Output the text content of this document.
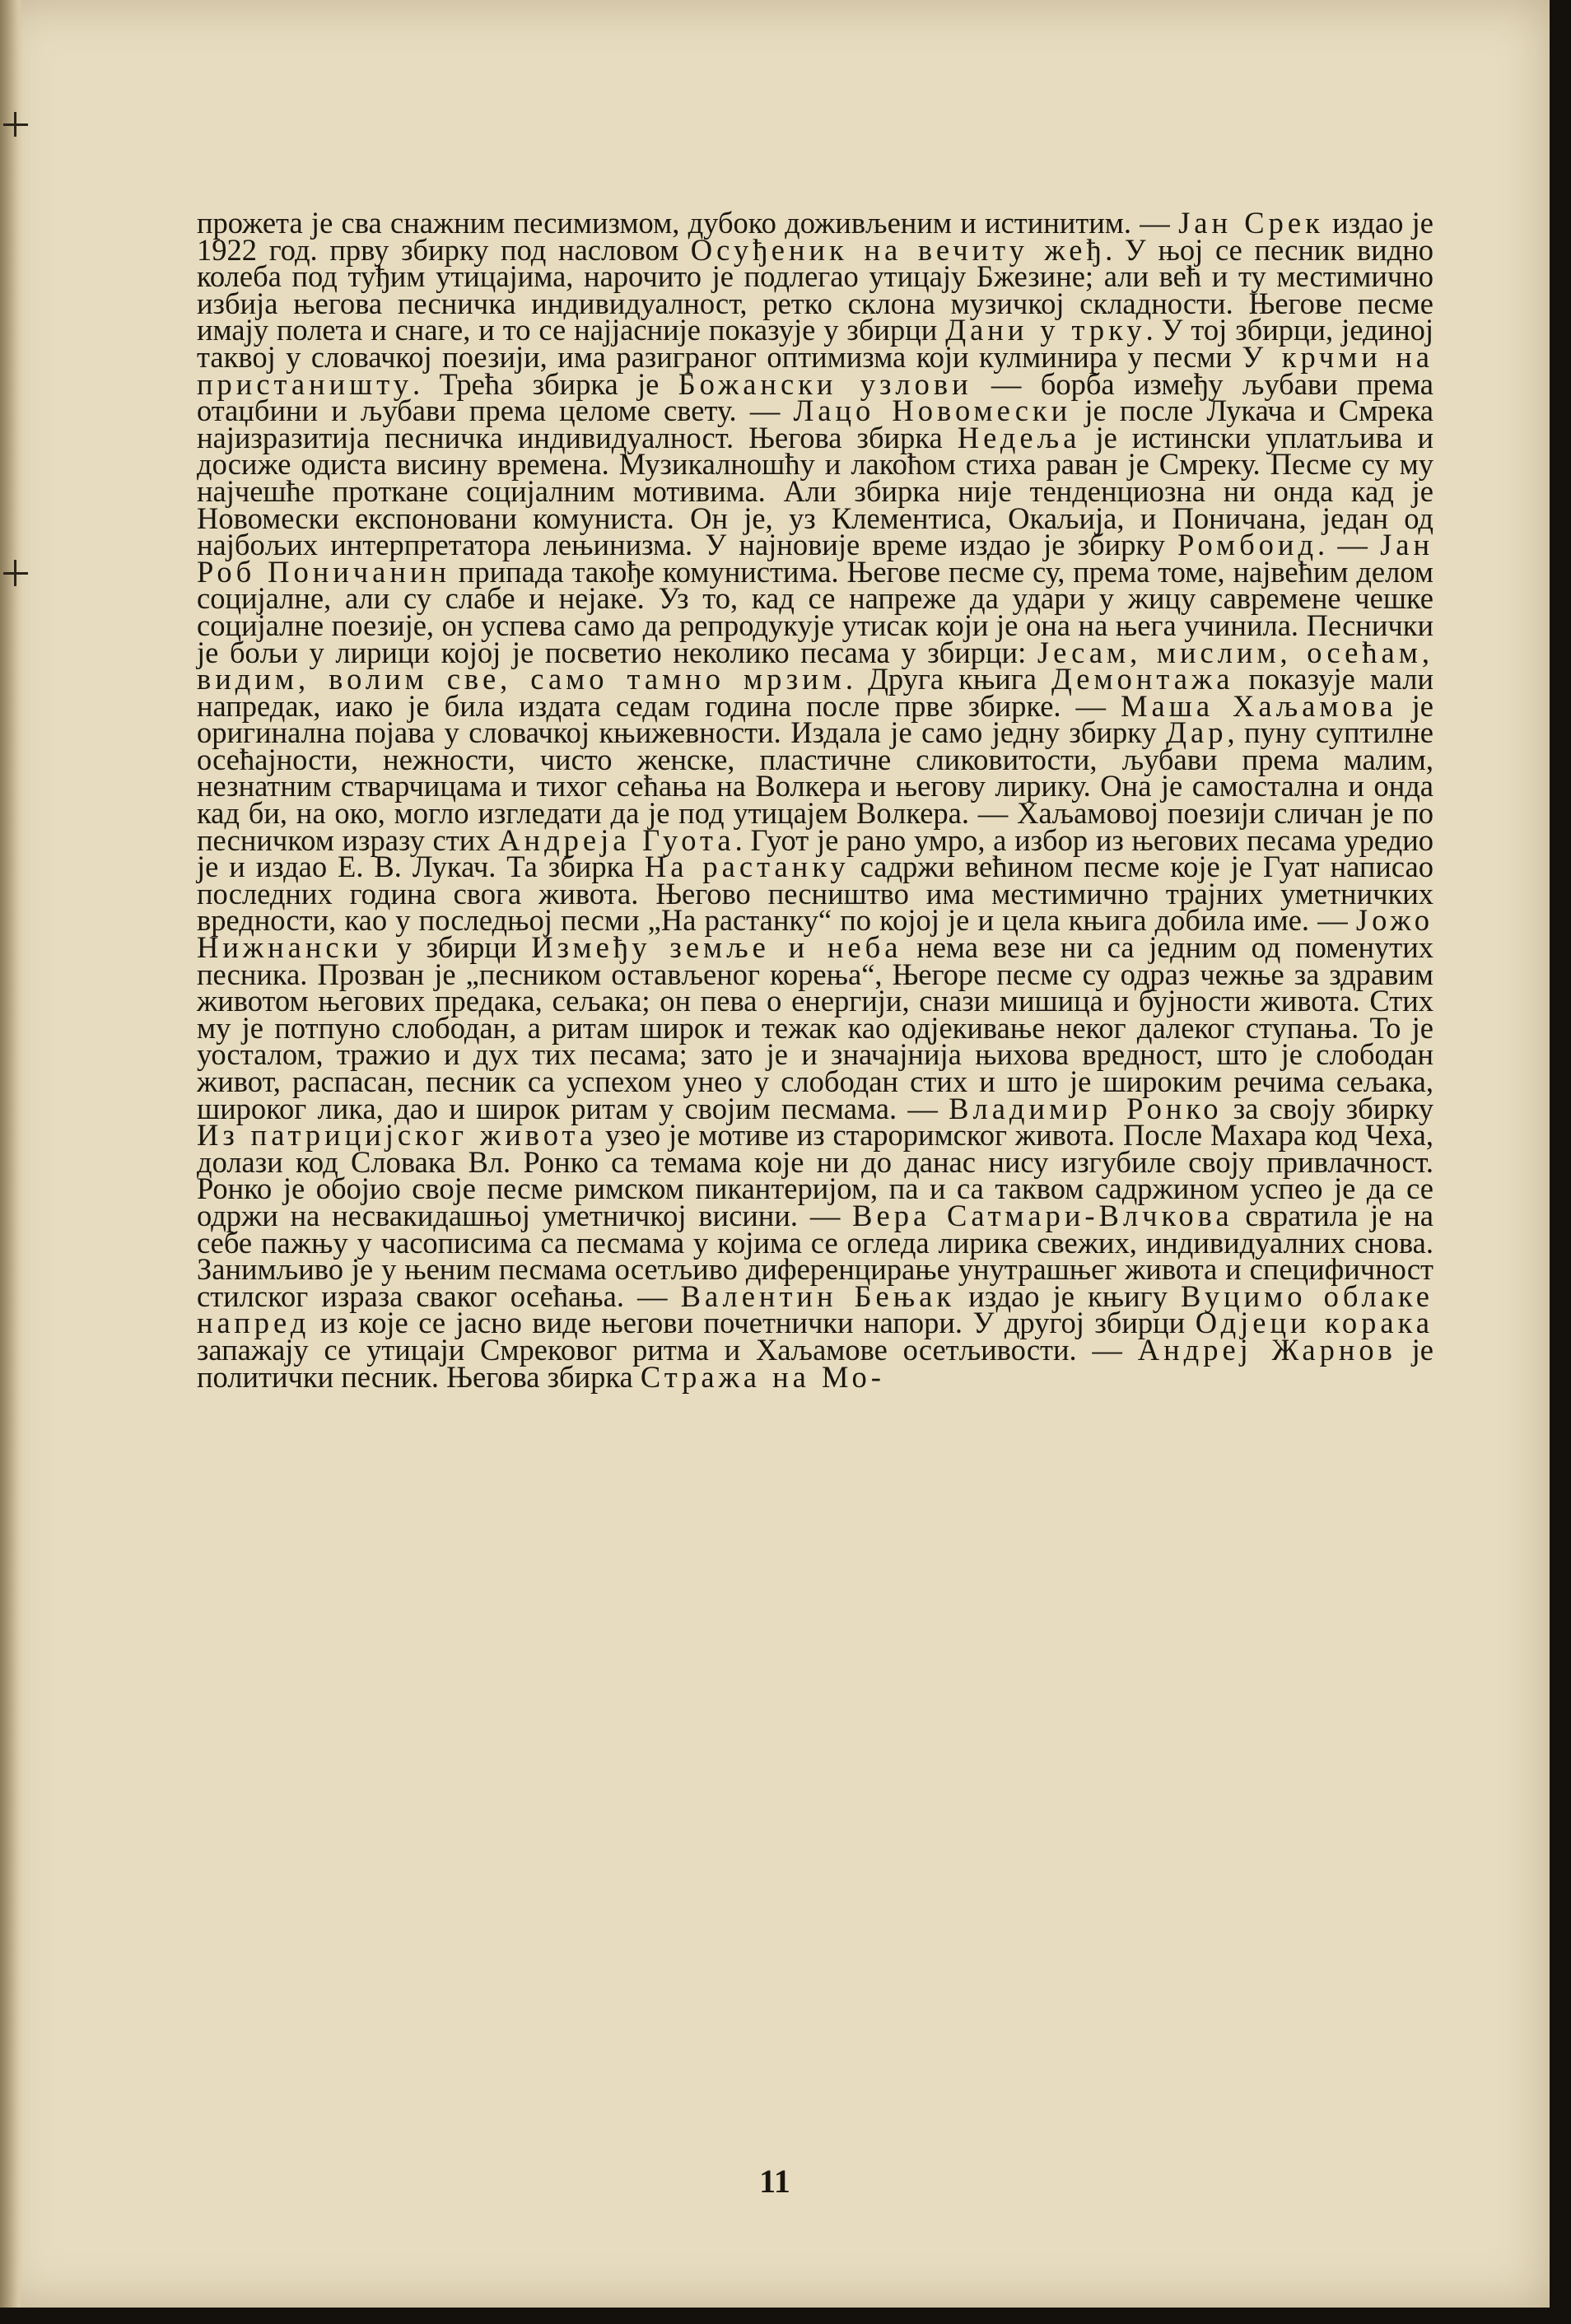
прожета је сва снажним песимизмом, дубоко доживљеним и истинитим. — Јан Срек издао је 1922 год. прву збирку под насловом Осуђеник на вечиту жеђ. У њој се песник видно колеба под туђим утицајима, нарочито је подлегао утицају Бжезине; али већ и ту местимично избија његова песничка индивидуалност, ретко склона музичкој складности. Његове песме имају полета и снаге, и то се најјасније показује у збирци Дани у трку. У тој збирци, јединој таквој у словачкој поезији, има разиграног оптимизма који кулминира у песми У крчми на пристаништу. Трећа збирка је Божански узлови — борба између љубави према отаџбини и љубави према целоме свету. — Лацо Новомески је после Лукача и Смрека најизразитија песничка индивидуалност. Његова збирка Недеља је истински уплатљива и досиже одиста висину времена. Музикалношћу и лакоћом стиха раван је Смреку. Песме су му најчешће проткане социјалним мотивима. Али збирка није тенденциозна ни онда кад је Новомески експоновани комуниста. Он је, уз Клементиса, Окаљија, и Поничана, један од најбољих интерпретатора лењинизма. У најновије време издао је збирку Ромбоид. — Јан Роб Поничанин припада такође комунистима. Његове песме су, према томе, највећим делом социјалне, али су слабе и нејаке. Уз то, кад се напреже да удари у жицу савремене чешке социјалне поезије, он успева само да репродукује утисак који је она на њега учинила. Песнички је бољи у лирици којој је посветио неколико песама у збирци: Јесам, мислим, осећам, видим, волим све, само тамно мрзим. Друга књига Демонтажа показује мали напредак, иако је била издата седам година после прве збирке. — Маша Хаљамова је оригинална појава у словачкој књижевности. Издала је само једну збирку Дар, пуну суптилне осећајности, нежности, чисто женске, пластичне сликовитости, љубави према малим, незнатним стварчицама и тихог сећања на Волкера и његову лирику. Она је самостална и онда кад би, на око, могло изгледати да је под утицајем Волкера. — Хаљамовој поезији сличан је по песничком изразу стих Андреја Гуота. Гуот је рано умро, а избор из његових песама уредио је и издао Е. В. Лукач. Та збирка На растанку садржи већином песме које је Гуат написао последних година свога живота. Његово песништво има местимично трајних уметничких вредности, као у последњој песми „На растанку“ по којој је и цела књига добила име. — Јожо Нижнански у збирци Између земље и неба нема везе ни са једним од поменутих песника. Прозван је „песником остављеног корења“, Његоре песме су одраз чежње за здравим животом његових предака, сељака; он пева о енергији, снази мишица и бујности живота. Стих му је потпуно слободан, а ритам широк и тежак као одјекивање неког далеког ступања. То је уосталом, тражио и дух тих песама; зато је и значајнија њихова вредност, што је слободан живот, распасан, песник са успехом унео у слободан стих и што је широким речима сељака, широког лика, дао и широк ритам у својим песмама. — Владимир Ронко за своју збирку Из патрицијског живота узео је мотиве из староримског живота. После Махара код Чеха, долази код Словака Вл. Ронко са темама које ни до данас нису изгубиле своју привлачност. Ронко је обојио своје песме римском пикантеријом, па и са таквом садржином успео је да се одржи на несвакидашњој уметничкој висини. — Вера Сатмари-Влчкова свратила је на себе пажњу у часописима са песмама у којима се огледа лирика свежих, индивидуалних снова. Занимљиво је у њеним песмама осетљиво диференцирање унутрашњег живота и специфичност стилског израза сваког осећања. — Валентин Бењак издао је књигу Вуцимо облаке напред из које се јасно виде његови почетнички напори. У другој збирци Одјеци корака запажају се утицаји Смрековог ритма и Хаљамове осетљивости. — Андреј Жарнов је политички песник. Његова збирка Стража на Мо-

11
